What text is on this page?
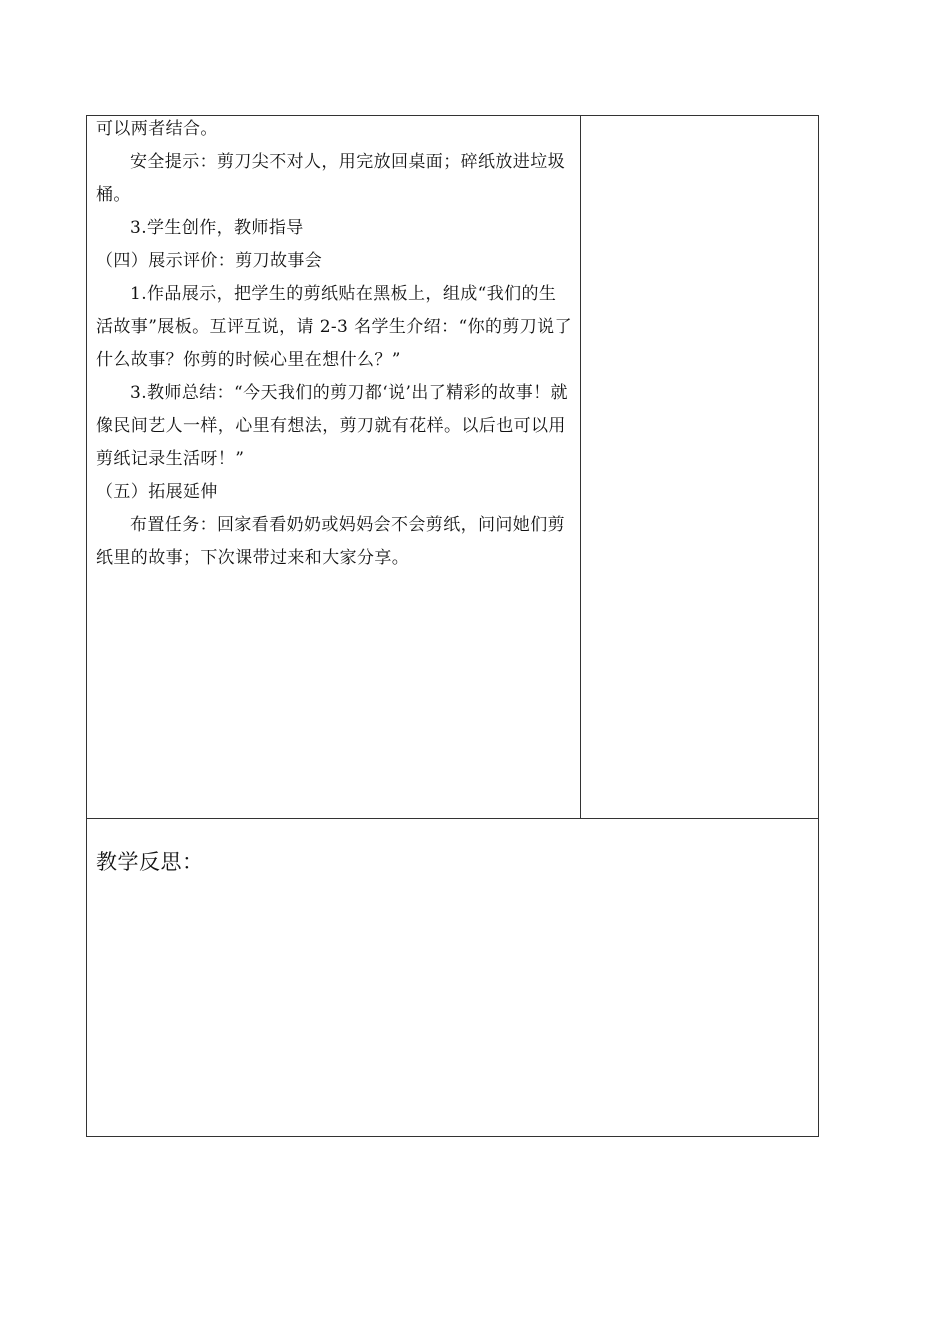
可以两者结合。

安全提示：剪刀尖不对人，用完放回桌面；碎纸放进垃圾桶。

3.学生创作，教师指导

（四）展示评价：剪刀故事会

1.作品展示，把学生的剪纸贴在黑板上，组成“我们的生活故事”展板。互评互说，请 2-3 名学生介绍：“你的剪刀说了什么故事？你剪的时候心里在想什么？”

3.教师总结：“今天我们的剪刀都‘说’出了精彩的故事！就像民间艺人一样，心里有想法，剪刀就有花样。以后也可以用剪纸记录生活呀！”

（五）拓展延伸

布置任务：回家看看奶奶或妈妈会不会剪纸，问问她们剪纸里的故事；下次课带过来和大家分享。

教学反思：
